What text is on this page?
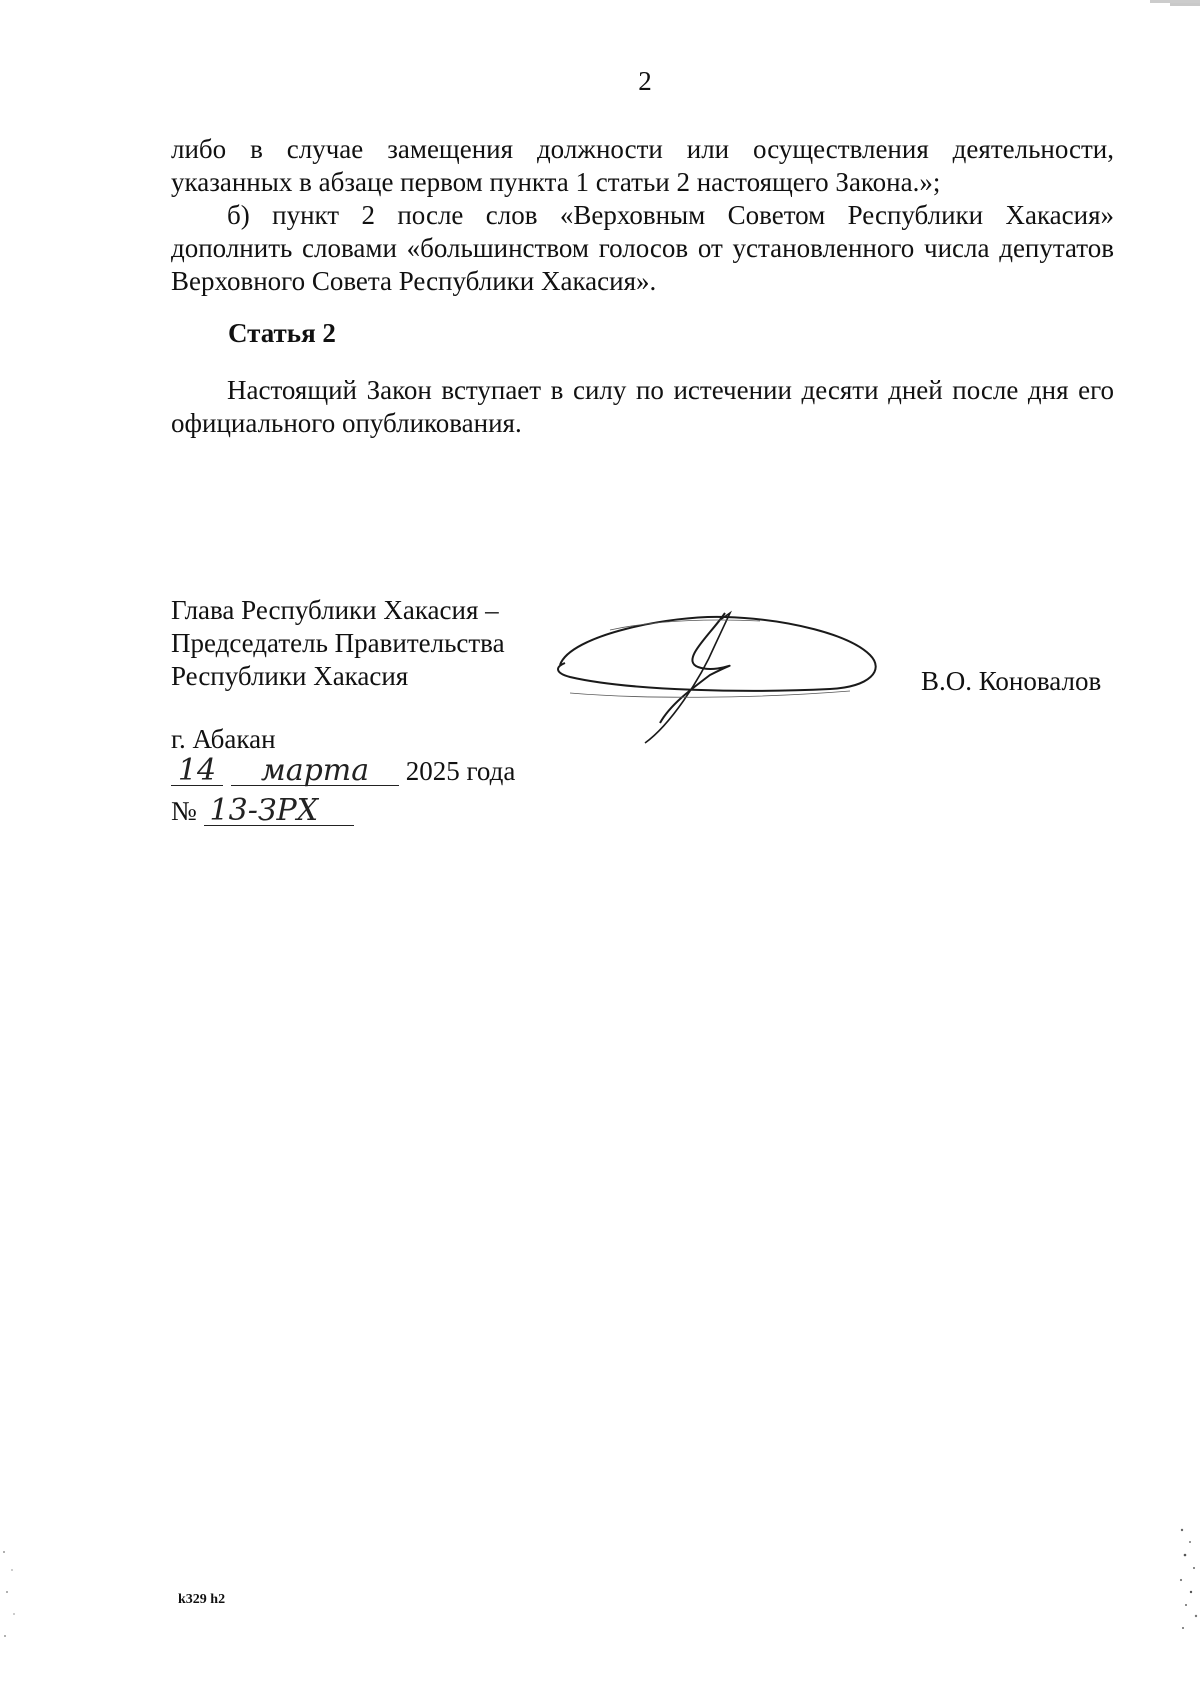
2

либо в случае замещения должности или осуществления деятельности, указанных в абзаце первом пункта 1 статьи 2 настоящего Закона.»;

б) пункт 2 после слов «Верховным Советом Республики Хакасия» дополнить словами «большинством голосов от установленного числа депутатов Верховного Совета Республики Хакасия».

Статья 2

Настоящий Закон вступает в силу по истечении десяти дней после дня его официального опубликования.

Глава Республики Хакасия –
Председатель Правительства
Республики Хакасия	В.О. Коновалов
г. Абакан
14 марта 2025 года
№ 13-ЗРХ
k329 h2
